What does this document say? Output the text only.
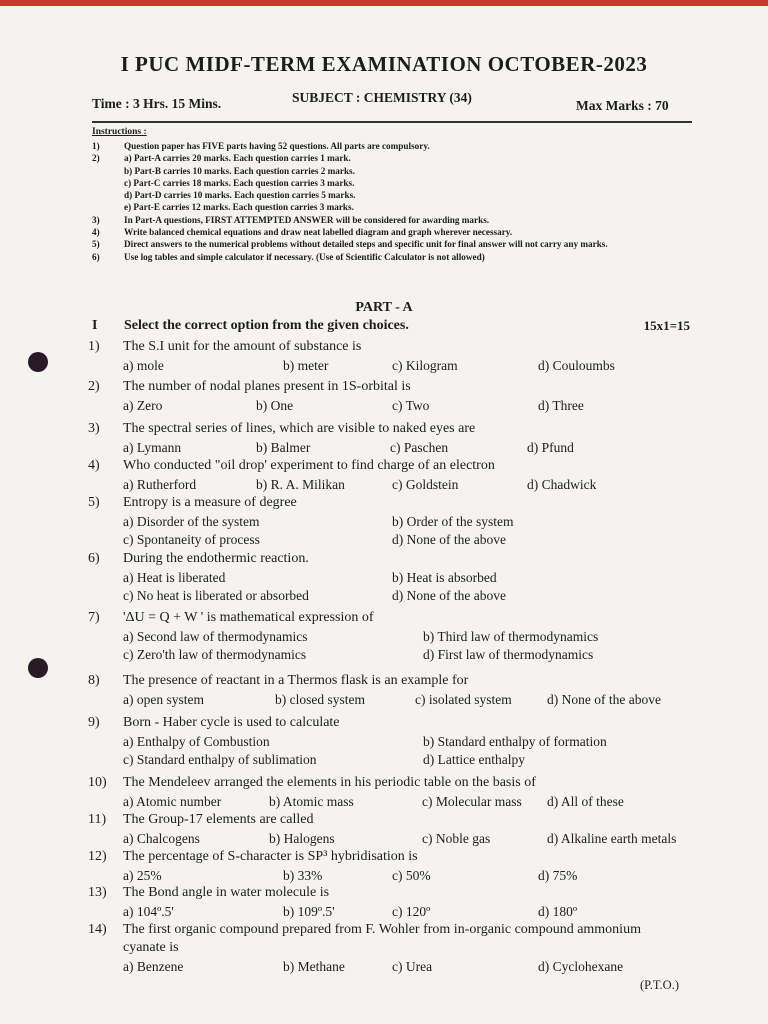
I PUC MIDF-TERM EXAMINATION OCTOBER-2023
Time : 3 Hrs. 15 Mins.	SUBJECT : CHEMISTRY (34)
Max Marks : 70
Instructions :
1)	Question paper has FIVE parts having 52 questions. All parts are compulsory.
2)	a) Part-A carries 20 marks. Each question carries 1 mark.
b) Part-B carries 10 marks. Each question carries 2 marks.
c) Part-C carries 18 marks. Each question carries 3 marks.
d) Part-D carries 10 marks. Each question carries 5 marks.
e) Part-E carries 12 marks. Each question carries 3 marks.
3)	In Part-A questions, FIRST ATTEMPTED ANSWER will be considered for awarding marks.
4)	Write balanced chemical equations and draw neat labelled diagram and graph wherever necessary.
5)	Direct answers to the numerical problems without detailed steps and specific unit for final answer will not carry any marks.
6)	Use log tables and simple calculator if necessary. (Use of Scientific Calculator is not allowed)
PART - A
I Select the correct option from the given choices.	15x1=15
1) The S.I unit for the amount of substance is
a) mole	b) meter	c) Kilogram	d) Couloumbs
2) The number of nodal planes present in 1S-orbital is
a) Zero	b) One	c) Two	d) Three
3) The spectral series of lines, which are visible to naked eyes are
a) Lymann	b) Balmer	c) Paschen	d) Pfund
4) Who conducted "oil drop' experiment to find charge of an electron
a) Rutherford	b) R. A. Milikan	c) Goldstein	d) Chadwick
5) Entropy is a measure of degree
a) Disorder of the system	b) Order of the system
c) Spontaneity of process	d) None of the above
6) During the endothermic reaction.
a) Heat is liberated	b) Heat is absorbed
c) No heat is liberated or absorbed	d) None of the above
7) 'ΔU = Q + W ' is mathematical expression of
a) Second law of thermodynamics	b) Third law of thermodynamics
c) Zero'th law of thermodynamics	d) First law of thermodynamics
8) The presence of reactant in a Thermos flask is an example for
a) open system	b) closed system	c) isolated system	d) None of the above
9) Born - Haber cycle is used to calculate
a) Enthalpy of Combustion	b) Standard enthalpy of formation
c) Standard enthalpy of sublimation	d) Lattice enthalpy
10) The Mendeleev arranged the elements in his periodic table on the basis of
a) Atomic number	b) Atomic mass	c) Molecular mass d) All of these
11) The Group-17 elements are called
a) Chalcogens	b) Halogens	c) Noble gas	d) Alkaline earth metals
12) The percentage of S-character is SP³ hybridisation is
a) 25%	b) 33%	c) 50%	d) 75%
13) The Bond angle in water molecule is
a) 104º.5'	b) 109º.5'	c) 120º	d) 180º
14) The first organic compound prepared from F. Wohler from in-organic compound ammonium
cyanate is
a) Benzene	b) Methane	c) Urea	d) Cyclohexane
(P.T.O.)
